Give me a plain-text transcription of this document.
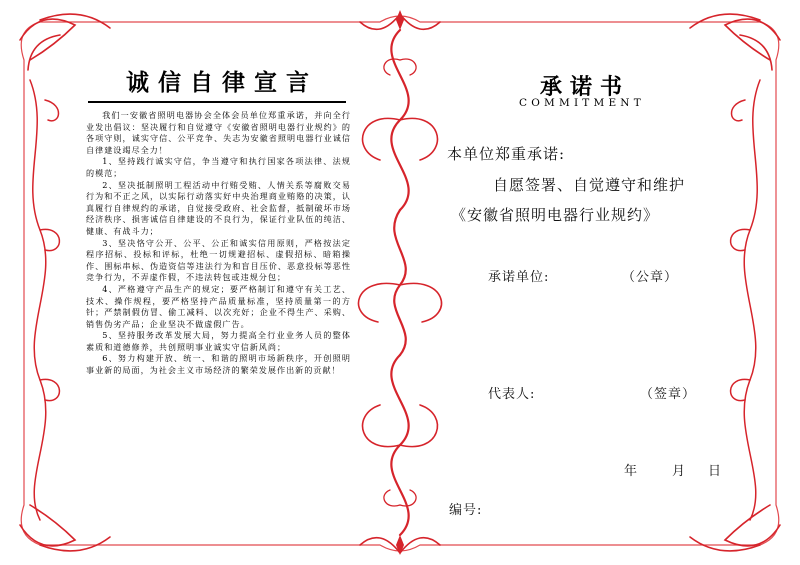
诚信自律宣言

我们一安徽省照明电器协会全体会员单位郑重承诺，并向全行业发出倡议：坚决履行和自觉遵守《安徽省照明电器行业规约》的各项守则，诚实守信、公平竞争、失志为安徽省照明电器行业诚信自律建设竭尽全力！

1、坚持践行诚实守信，争当遵守和执行国家各项法律、法规的模范；

2、坚决抵制照明工程活动中行贿受贿、人情关系等腐败交易行为和不正之风，以实际行动落实好中央治理商业贿赂的决策，认真履行自律规约的承诺，自觉接受政府、社会监督，抵制破坏市场经济秩序、损害诚信自律建设的不良行为，保证行业队伍的纯洁、健康、有战斗力；

3、坚决恪守公开、公平、公正和诚实信用原则，严格按法定程序招标、投标和评标，杜绝一切规避招标、虚假招标、暗箱操作、围标串标、伪造资信等违法行为和盲目压价、恶意投标等恶性竞争行为，不弄虚作假，不违法转包或违规分包；

4、严格遵守产品生产的规定；要严格制订和遵守有关工艺、技术、操作规程，要严格坚持产品质量标准，坚持质量第一的方针；严禁制假仿冒、偷工减料、以次充好；企业不得生产、采购、销售伪劣产品；企业坚决不做虚假广告。

5、坚持服务改革发展大局，努力提高全行业业务人员的整体素质和道德修养，共创照明事业诚实守信新风尚；

6、努力构建开放、统一、和谐的照明市场新秩序，开创照明事业新的局面，为社会主义市场经济的繁荣发展作出新的贡献！

承诺书
COMMITMENT
本单位郑重承诺:
自愿签署、自觉遵守和维护
《安徽省照明电器行业规约》
承诺单位:	（公章）
代表人:	（签章）
年	月 日
编号:
